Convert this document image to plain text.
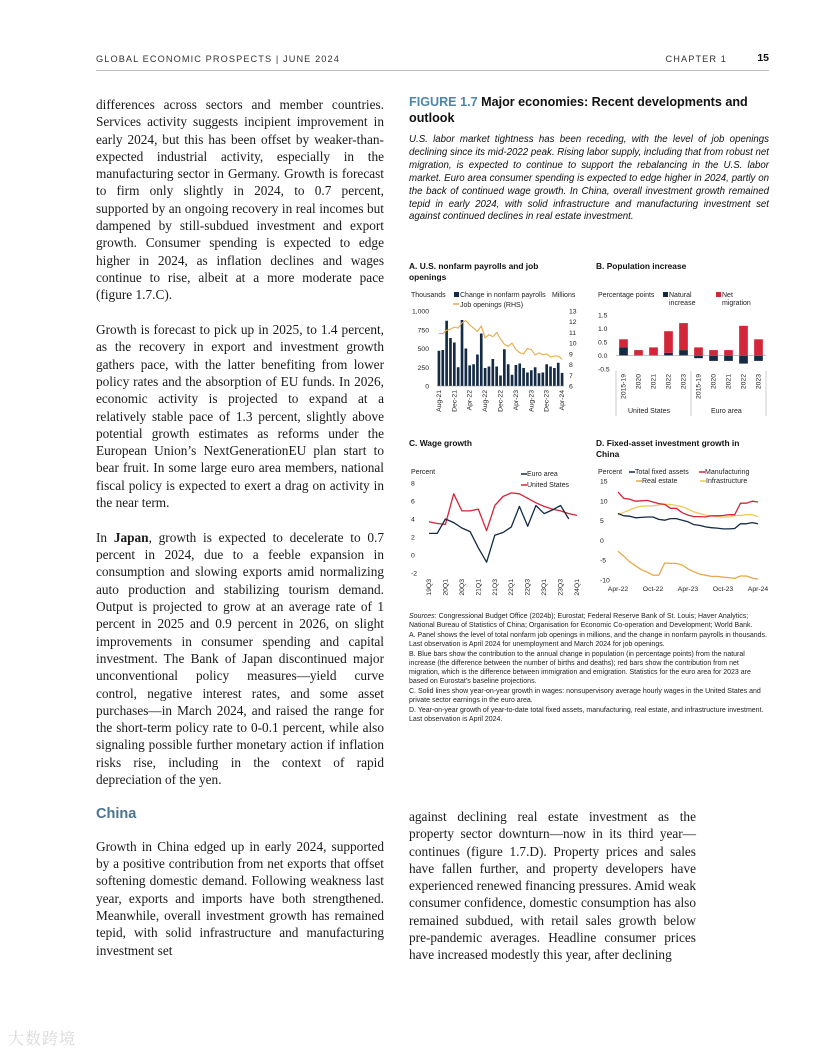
GLOBAL ECONOMIC PROSPECTS | JUNE 2024	CHAPTER 1	15

differences across sectors and member countries. Services activity suggests incipient improvement in early 2024, but this has been offset by weaker-than-expected industrial activity, especially in the manufacturing sector in Germany. Growth is forecast to firm only slightly in 2024, to 0.7 percent, supported by an ongoing recovery in real incomes but dampened by still-subdued investment and export growth. Consumer spending is expected to edge higher in 2024, as inflation declines and wages continue to rise, albeit at a more moderate pace (figure 1.7.C).

Growth is forecast to pick up in 2025, to 1.4 percent, as the recovery in export and investment growth gathers pace, with the latter benefiting from lower policy rates and the absorption of EU funds. In 2026, economic activity is projected to expand at a relatively stable pace of 1.3 percent, slightly above potential growth estimates as reforms under the European Union’s NextGenerationEU plan start to bear fruit. In some large euro area members, national fiscal policy is expected to exert a drag on activity in the near term.

In Japan, growth is expected to decelerate to 0.7 percent in 2024, due to a feeble expansion in consumption and slowing exports amid normalizing auto production and stabilizing tourism demand. Output is projected to grow at an average rate of 1 percent in 2025 and 0.9 percent in 2026, on slight improvements in consumer spending and capital investment. The Bank of Japan discontinued major unconventional policy measures—yield curve control, negative interest rates, and some asset purchases—in March 2024, and raised the range for the short-term policy rate to 0-0.1 percent, while also signaling possible further monetary action if inflation risks rise, including in the context of rapid depreciation of the yen.

China

Growth in China edged up in early 2024, supported by a positive contribution from net exports that offset softening domestic demand. Following weakness last year, exports and imports have both strengthened. Meanwhile, overall investment growth has remained tepid, with solid infrastructure and manufacturing investment set

against declining real estate investment as the property sector downturn—now in its third year—continues (figure 1.7.D). Property prices and sales have fallen further, and property developers have experienced renewed financing pressures. Amid weak consumer confidence, domestic consumption has also remained subdued, with retail sales growth below pre-pandemic averages. Headline consumer prices have increased modestly this year, after declining

FIGURE 1.7 Major economies: Recent developments and outlook

U.S. labor market tightness has been receding, with the level of job openings declining since its mid-2022 peak. Rising labor supply, including that from robust net migration, is expected to continue to support the rebalancing in the U.S. labor market. Euro area consumer spending is expected to edge higher in 2024, partly on the back of continued wage growth. In China, overall investment growth remained tepid in early 2024, with solid infrastructure and manufacturing investment set against continued declines in real estate investment.

A. U.S. nonfarm payrolls and job openings
Thousands	Millions
Change in nonfarm payrolls
Job openings (RHS)
0
250
500
750
1,000
6
7
8
9
10
11
12
13
Aug-21 Dec-21 Apr-22 Aug-22 Dec-22 Apr-23 Aug-23 Dec-23 Apr-24
B. Population increase
Percentage points Natural
increase
Net
migration
-0.5
0.0
0.5
1.0
1.5
2015-19 2020 2021 2022 2023 2015-19 2020 2021 2022 2023
United States	Euro area
C. Wage growth
Percent	Euro area
United States
-2
0
2
4
6
8
19Q3 20Q1 20Q3 21Q1 21Q3 22Q1 22Q3 23Q1 23Q3 24Q1
D. Fixed-asset investment growth in
China
Percent Total fixed assets Manufacturing
Real estate	Infrastructure
-10
-5
0
5
10
15
Apr-22 Oct-22 Apr-23 Oct-23 Apr-24

Sources: Congressional Budget Office (2024b); Eurostat; Federal Reserve Bank of St. Louis; Haver Analytics; National Bureau of Statistics of China; Organisation for Economic Co-operation and Development; World Bank.

A. Panel shows the level of total nonfarm job openings in millions, and the change in nonfarm payrolls in thousands. Last observation is April 2024 for unemployment and March 2024 for job openings.

B. Blue bars show the contribution to the annual change in population (in percentage points) from the natural increase (the difference between the number of births and deaths); red bars show the contribution from net migration, which is the difference between immigration and emigration. Statistics for the euro area for 2023 are based on Eurostat’s baseline projections.

C. Solid lines show year-on-year growth in wages: nonsupervisory average hourly wages in the United States and private sector earnings in the euro area.

D. Year-on-year growth of year-to-date total fixed assets, manufacturing, real estate, and infrastructure investment. Last observation is April 2024.

大数跨境
